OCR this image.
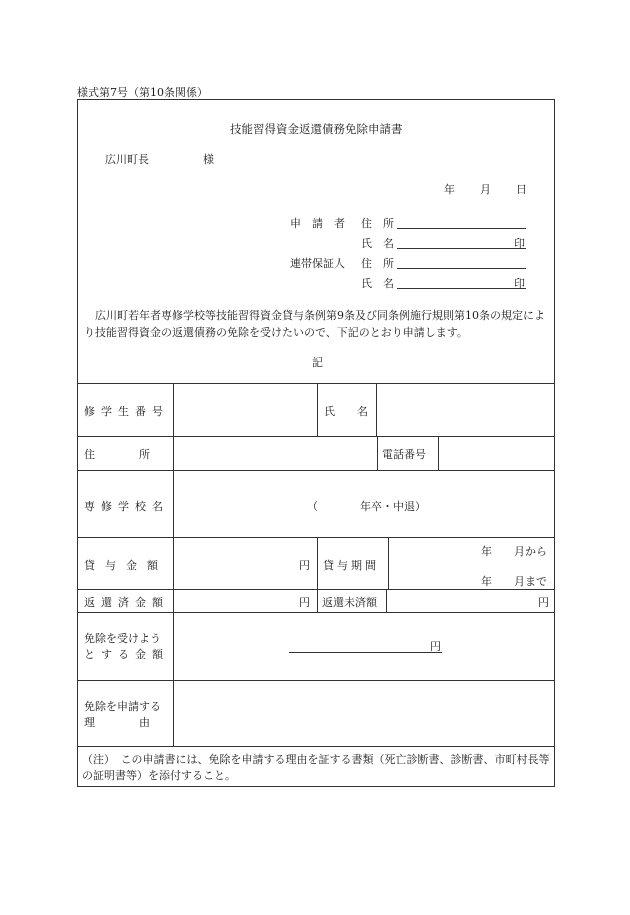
様式第7号（第10条関係）
技能習得資金返還債務免除申請書
広川町長	様
年 月 日
申　請　者 住　所
氏　名	印
連帯保証人 住　所
氏　名	印
広川町若年者専修学校等技能習得資金貸与条例第9条及び同条例施行規則第10条の規定により技能習得資金の返還債務の免除を受けたいので、下記のとおり申請します。
記
修学生番号	氏　　名
住　　　　所	電話番号
専修学校名	（	年卒・中退）
貸与金額	円 貸与期間
年　　月から
年　　月まで
返還済金額	円 返還未済額	円
免除を受けよう
とする金額
円
免除を申請する
理　　　　由
（注）　この申請書には、免除を申請する理由を証する書類（死亡診断書、診断書、市町村長等の証明書等）を添付すること。
